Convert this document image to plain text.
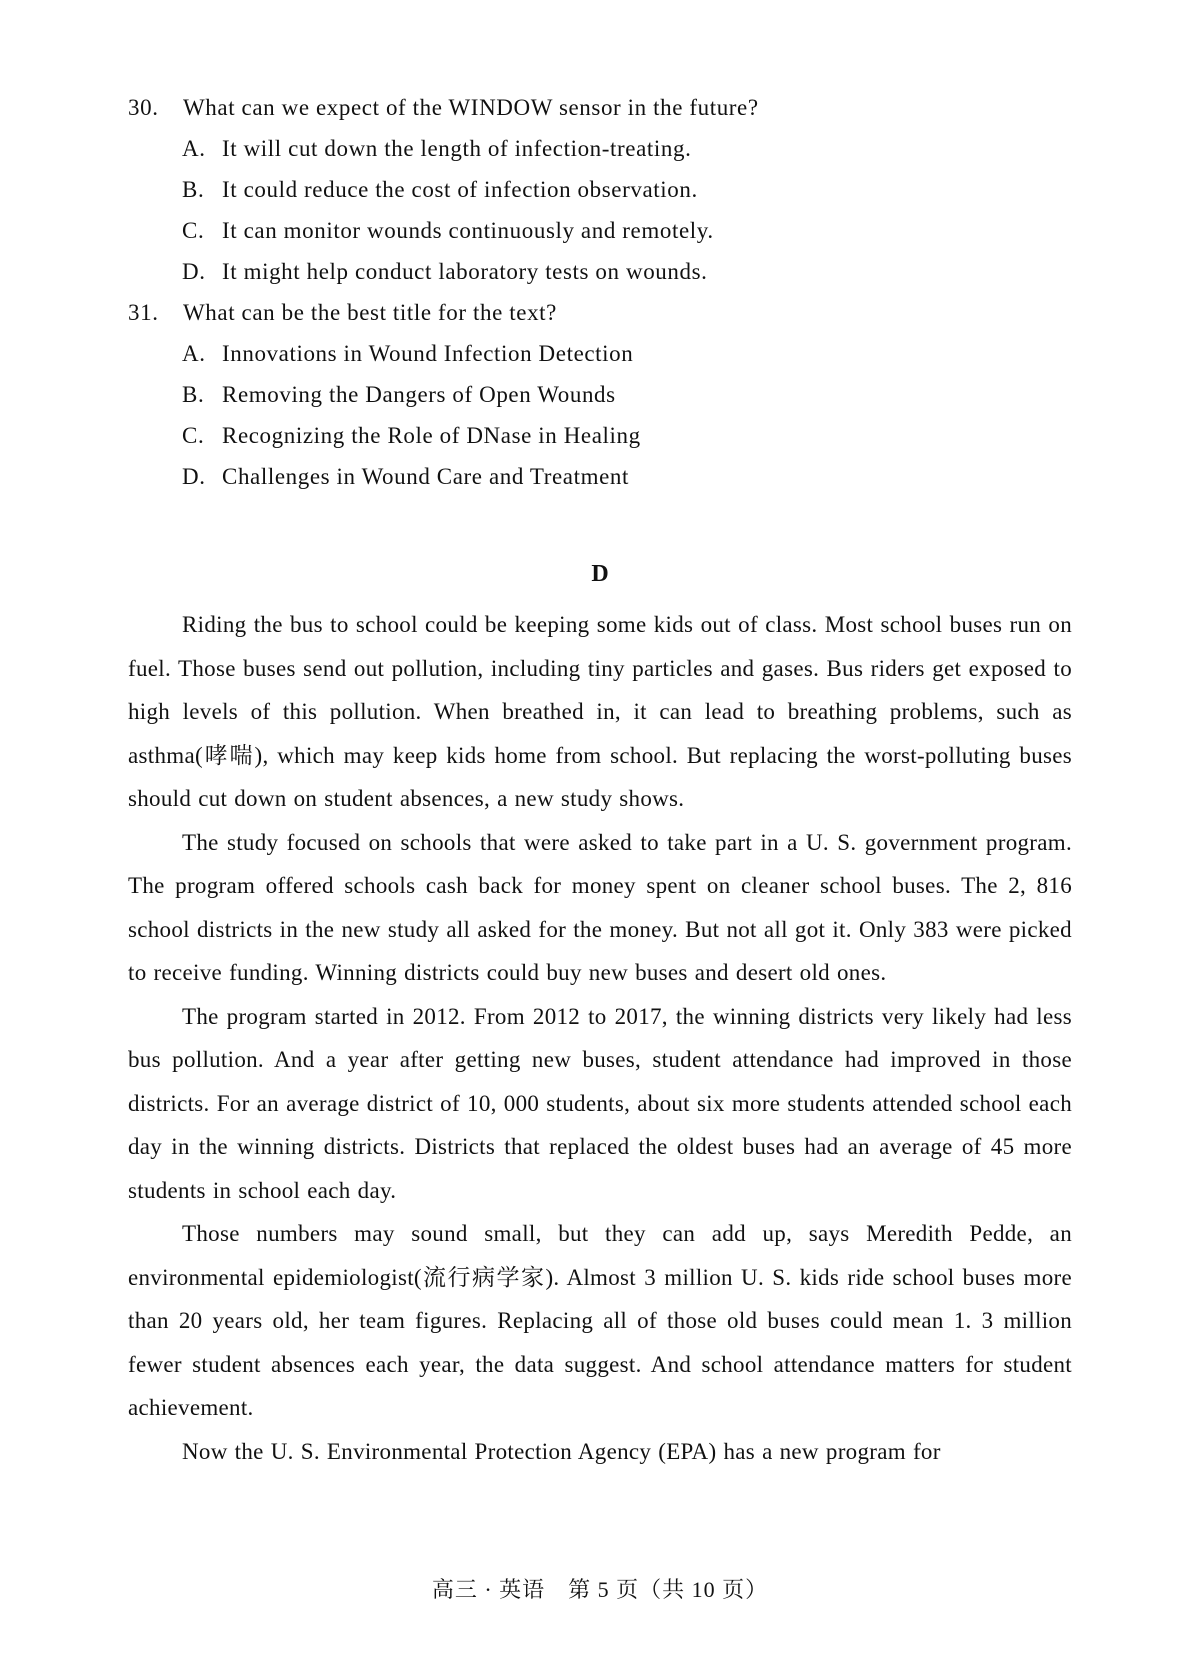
30. What can we expect of the WINDOW sensor in the future?
A. It will cut down the length of infection-treating.
B. It could reduce the cost of infection observation.
C. It can monitor wounds continuously and remotely.
D. It might help conduct laboratory tests on wounds.
31. What can be the best title for the text?
A. Innovations in Wound Infection Detection
B. Removing the Dangers of Open Wounds
C. Recognizing the Role of DNase in Healing
D. Challenges in Wound Care and Treatment
D

Riding the bus to school could be keeping some kids out of class. Most school buses run on fuel. Those buses send out pollution, including tiny particles and gases. Bus riders get exposed to high levels of this pollution. When breathed in, it can lead to breathing problems, such as asthma(哮喘), which may keep kids home from school. But replacing the worst-polluting buses should cut down on student absences, a new study shows.

The study focused on schools that were asked to take part in a U. S. government program. The program offered schools cash back for money spent on cleaner school buses. The 2, 816 school districts in the new study all asked for the money. But not all got it. Only 383 were picked to receive funding. Winning districts could buy new buses and desert old ones.

The program started in 2012. From 2012 to 2017, the winning districts very likely had less bus pollution. And a year after getting new buses, student attendance had improved in those districts. For an average district of 10, 000 students, about six more students attended school each day in the winning districts. Districts that replaced the oldest buses had an average of 45 more students in school each day.

Those numbers may sound small, but they can add up, says Meredith Pedde, an environmental epidemiologist(流行病学家). Almost 3 million U. S. kids ride school buses more than 20 years old, her team figures. Replacing all of those old buses could mean 1. 3 million fewer student absences each year, the data suggest. And school attendance matters for student achievement.

Now the U. S. Environmental Protection Agency (EPA) has a new program for

高三 · 英语　第 5 页（共 10 页）
